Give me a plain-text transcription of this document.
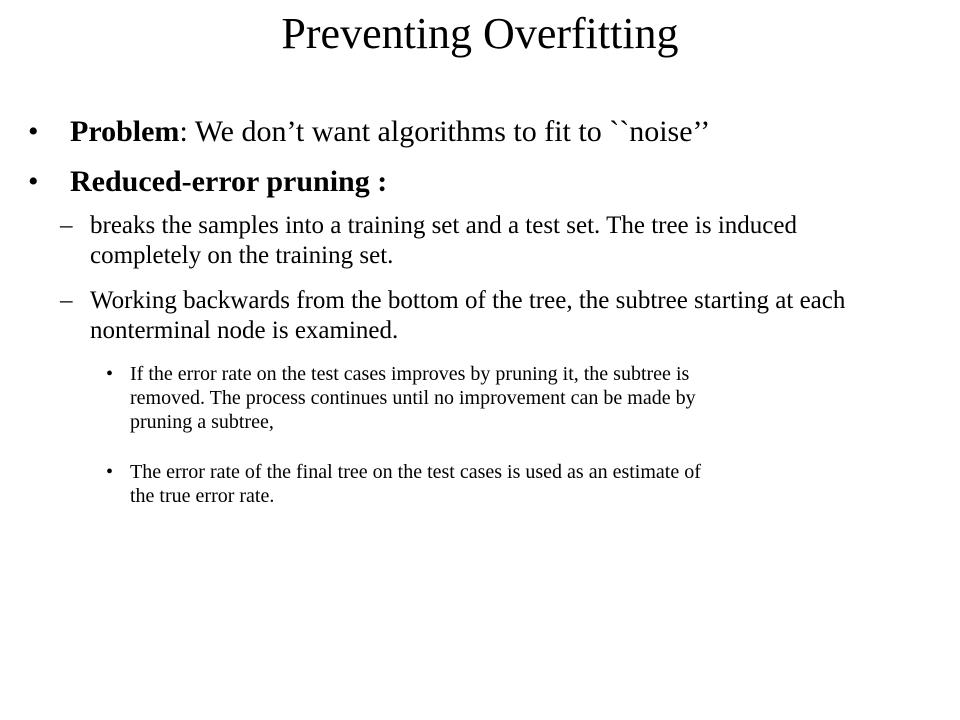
Preventing Overfitting
•	Problem: We don’t want algorithms to fit to ``noise’’
•	Reduced-error pruning :
– breaks the samples into a training set and a test set. The tree is induced completely on the training set.
– Working backwards from the bottom of the tree, the subtree starting at each nonterminal node is examined.
• If the error rate on the test cases improves by pruning it, the subtree is removed. The process continues until no improvement can be made by pruning a subtree,
• The error rate of the final tree on the test cases is used as an estimate of the true error rate.
